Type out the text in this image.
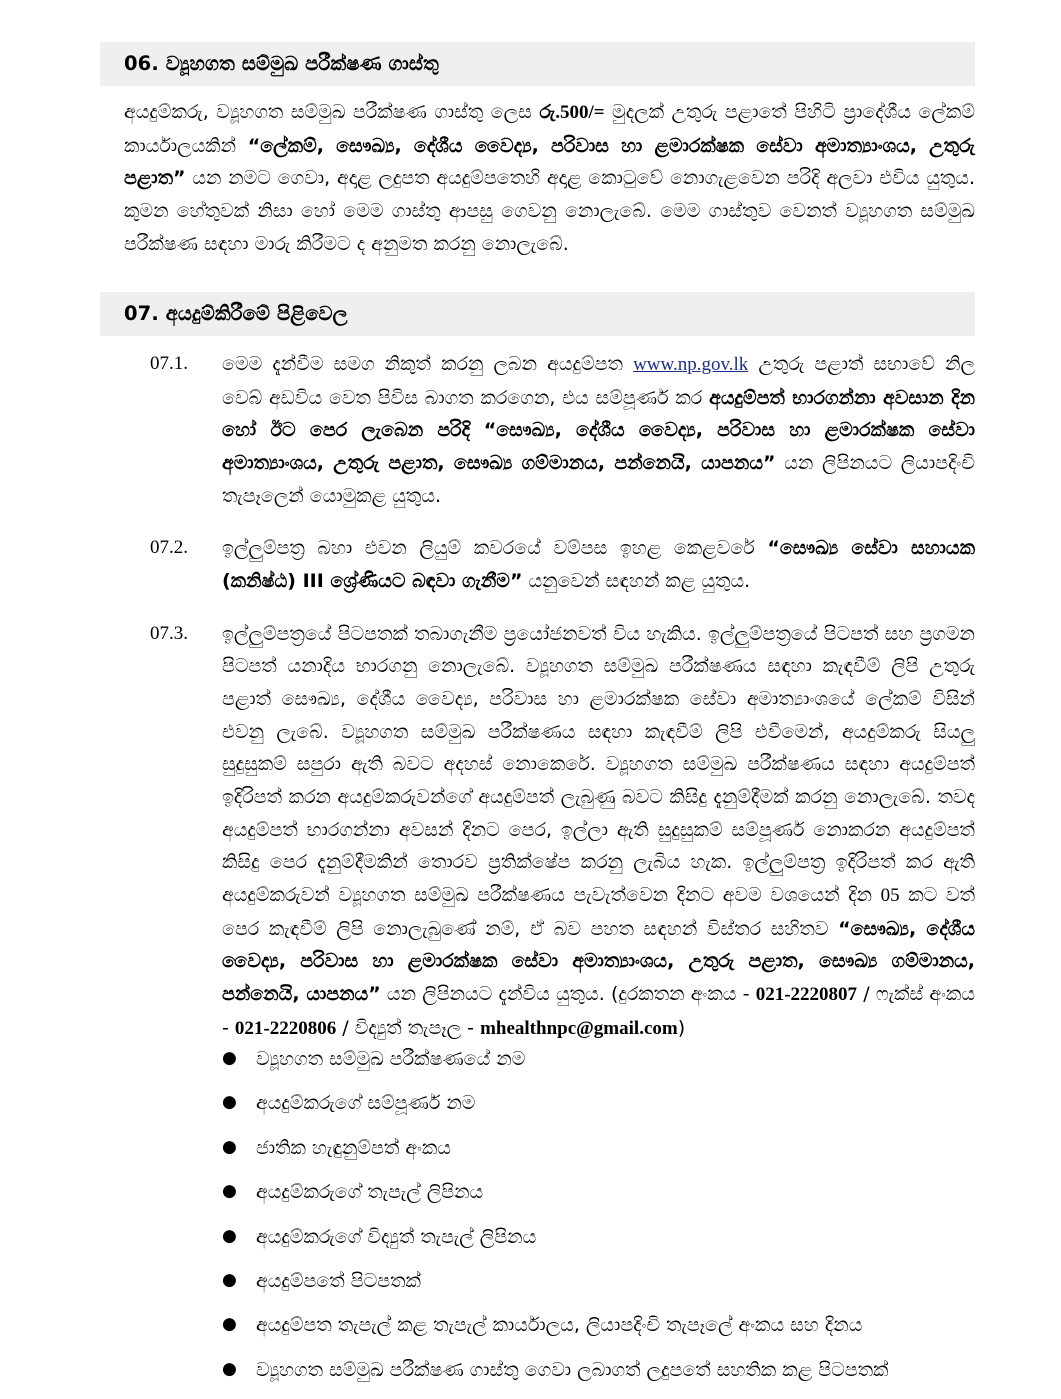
06. ව්‍යූහගත සම්මුඛ පරීක්ෂණ ගාස්තු
අයදුම්කරු, ව්‍යූහගත සම්මුඛ පරීක්ෂණ ගාස්තු ලෙස රු.500/= මුදලක් උතුරු පළාතේ පිහිටි ප්‍රාදේශීය ලේකම් කාර්යාලයකින් “ලේකම්, සෞඛ්‍ය, දේශීය වෛද්‍ය, පරිවාස හා ළමාරක්ෂක සේවා අමාත්‍යාංශය, උතුරු පළාත” යන නමට ගෙවා, අදාළ ලදුපත අයදුම්පතෙහි අදාළ කොටුවේ නොගැළවෙන පරිදි අලවා එවිය යුතුය. කුමන හේතුවක් නිසා හෝ මෙම ගාස්තු ආපසු ගෙවනු නොලැබේ. මෙම ගාස්තුව වෙනත් ව්‍යූහගත සම්මුඛ පරීක්ෂණ සඳහා මාරු කිරීමට ද අනුමත කරනු නොලැබේ.
07. අයදුම්කිරීමේ පිළිවෙල
07.1.	මෙම දැන්වීම සමග නිකුත් කරනු ලබන අයදුම්පත www.np.gov.lk උතුරු පළාත් සභාවේ නිල වෙබ් අඩවිය වෙත පිවිස බාගත කරගෙන, එය සම්පූර්ණ කර අයදුම්පත් භාරගන්නා අවසාන දින හෝ ඊට පෙර ලැබෙන පරිදි “සෞඛ්‍ය, දේශීය වෛද්‍ය, පරිවාස හා ළමාරක්ෂක සේවා අමාත්‍යාංශය, උතුරු පළාත, සෞඛ්‍ය ගම්මානය, පන්නෙයි, යාපනය” යන ලිපිනයට ලියාපදිංචි තැපෑලෙන් යොමුකළ යුතුය.
07.2.	ඉල්ලුම්පත්‍ර බහා එවන ලියුම් කවරයේ වම්පස ඉහළ කෙළවරේ “සෞඛ්‍ය සේවා සහායක (කනිෂ්ඨ) III ශ්‍රේණියට බඳවා ගැනීම” යනුවෙන් සඳහන් කළ යුතුය.
07.3.	ඉල්ලුම්පත්‍රයේ පිටපතක් තබාගැනීම ප්‍රයෝජනවත් විය හැකිය. ඉල්ලුම්පත්‍රයේ පිටපත් සහ ප්‍රගමන පිටපත් යනාදිය භාරගනු නොලැබේ. ව්‍යූහගත සම්මුඛ පරීක්ෂණය සඳහා කැඳවීම් ලිපි උතුරු පළාත් සෞඛ්‍ය, දේශීය වෛද්‍ය, පරිවාස හා ළමාරක්ෂක සේවා අමාත්‍යාංශයේ ලේකම් විසින් එවනු ලැබේ. ව්‍යූහගත සම්මුඛ පරීක්ෂණය සඳහා කැඳවීම් ලිපි එවීමෙන්, අයදුම්කරු සියලු සුදුසුකම් සපුරා ඇති බවට අදහස් නොකෙරේ. ව්‍යූහගත සම්මුඛ පරීක්ෂණය සඳහා අයදුම්පත් ඉදිරිපත් කරන අයදුම්කරුවන්ගේ අයදුම්පත් ලැබුණු බවට කිසිදු දැනුම්දීමක් කරනු නොලැබේ. තවද අයදුම්පත් භාරගන්නා අවසන් දිනට පෙර, ඉල්ලා ඇති සුදුසුකම් සම්පූර්ණ නොකරන අයදුම්පත් කිසිදු පෙර දැනුම්දීමකින් තොරව ප්‍රතික්ෂේප කරනු ලැබිය හැක. ඉල්ලුම්පත්‍ර ඉදිරිපත් කර ඇති අයදුම්කරුවන් ව්‍යූහගත සම්මුඛ පරීක්ෂණය පැවැත්වෙන දිනට අවම වශයෙන් දින 05 කට වත් පෙර කැඳවීම් ලිපි නොලැබුණේ නම්, ඒ බව පහත සඳහන් විස්තර සහිතව “සෞඛ්‍ය, දේශීය වෛද්‍ය, පරිවාස හා ළමාරක්ෂක සේවා අමාත්‍යාංශය, උතුරු පළාත, සෞඛ්‍ය ගම්මානය, පන්නෙයි, යාපනය” යන ලිපිනයට දැන්විය යුතුය. (දුරකතන අංකය - 021-2220807 / ෆැක්ස් අංකය - 021-2220806 / විද්‍යුත් තැපෑල - mhealthnpc@gmail.com)
●	ව්‍යූහගත සම්මුඛ පරීක්ෂණයේ නම
●	අයදුම්කරුගේ සම්පූර්ණ නම
●	ජාතික හැඳුනුම්පත් අංකය
●	අයදුම්කරුගේ තැපැල් ලිපිනය
●	අයදුම්කරුගේ විද්‍යුත් තැපැල් ලිපිනය
●	අයදුම්පතේ පිටපතක්
●	අයදුම්පත තැපැල් කළ තැපැල් කාර්යාලය, ලියාපදිංචි තැපෑලේ අංකය සහ දිනය
●	ව්‍යූහගත සම්මුඛ පරීක්ෂණ ගාස්තු ගෙවා ලබාගත් ලදුපතේ සහතික කළ පිටපතක්
